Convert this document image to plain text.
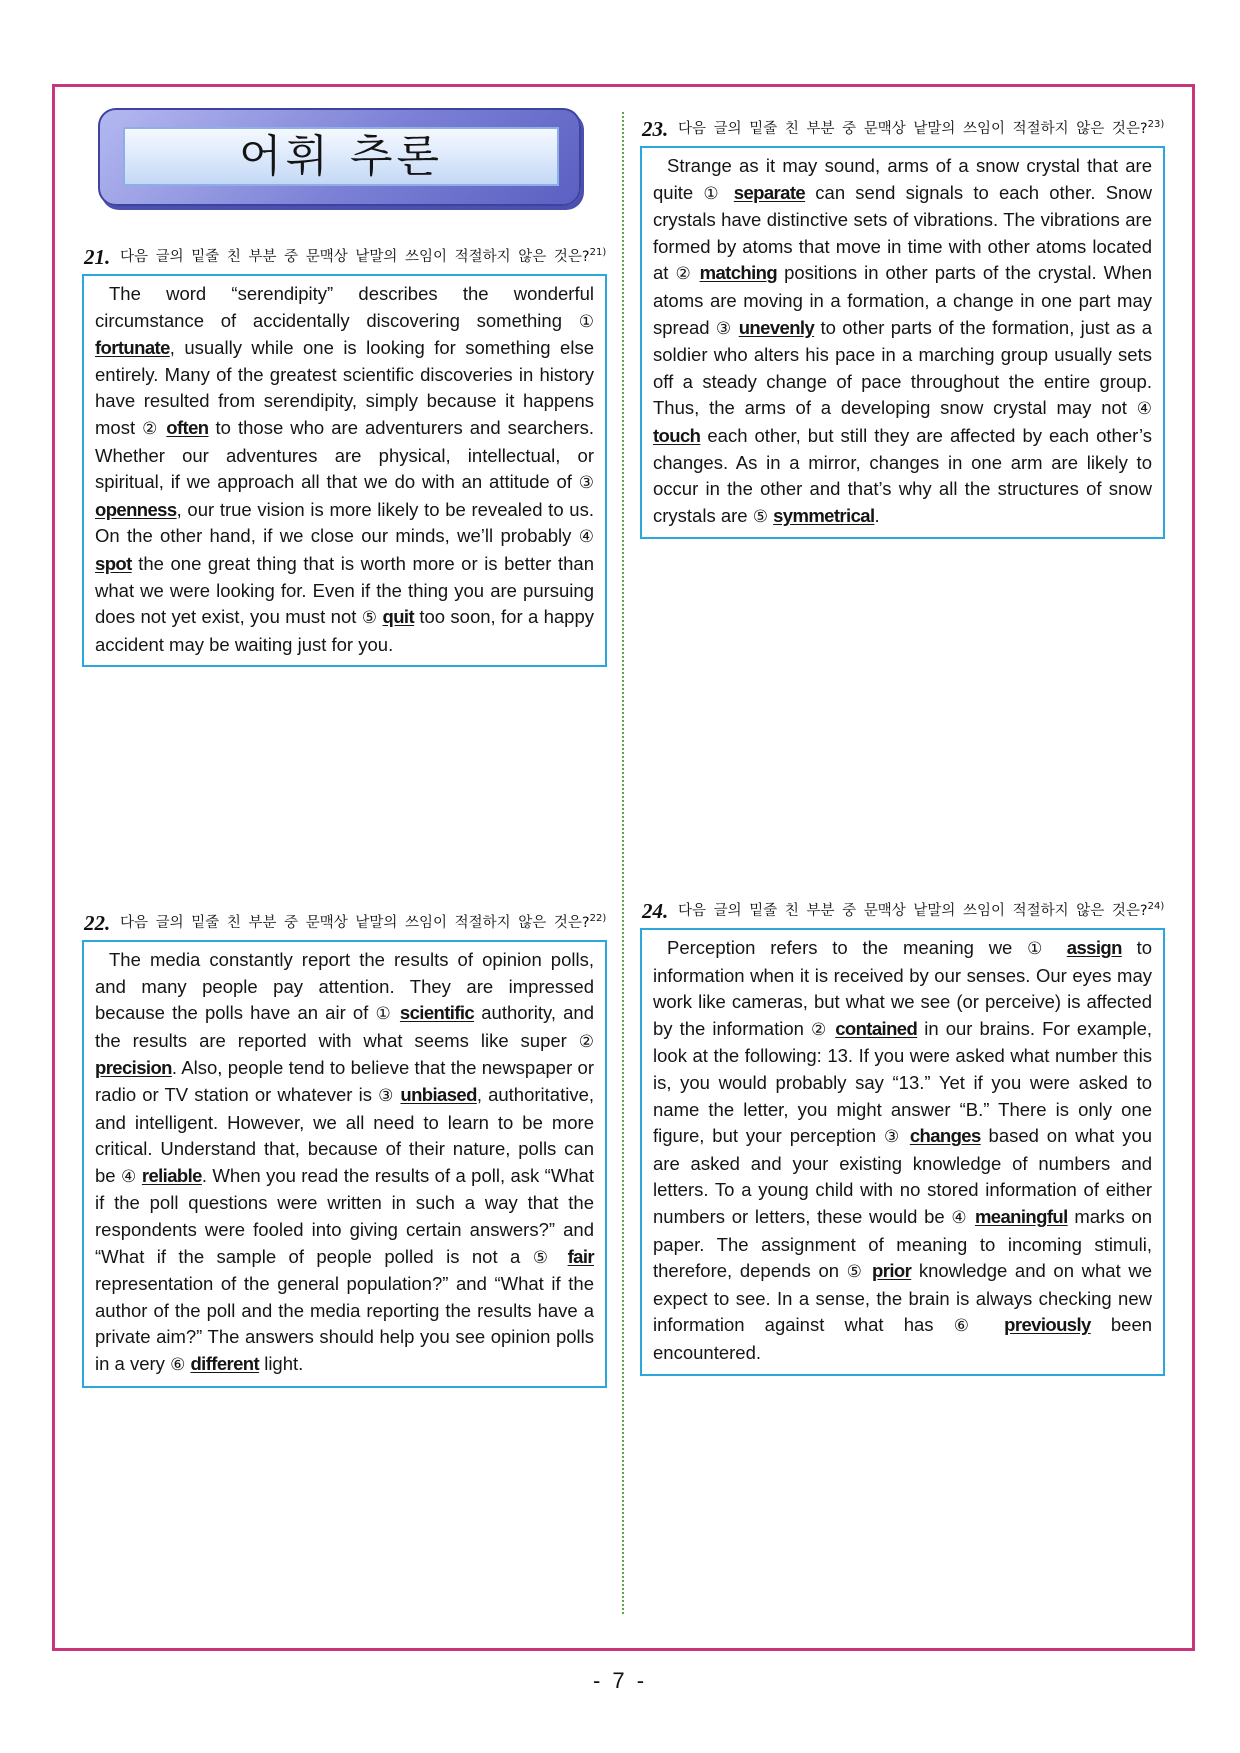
어휘 추론
21. 다음 글의 밑줄 친 부분 중 문맥상 낱말의 쓰임이 적절하지 않은 것은?$^{21)}$
The word “serendipity” describes the wonderful circumstance of accidentally discovering something ① fortunate, usually while one is looking for something else entirely. Many of the greatest scientific discoveries in history have resulted from serendipity, simply because it happens most ② often to those who are adventurers and searchers. Whether our adventures are physical, intellectual, or spiritual, if we approach all that we do with an attitude of ③ openness, our true vision is more likely to be revealed to us. On the other hand, if we close our minds, we’ll probably ④ spot the one great thing that is worth more or is better than what we were looking for. Even if the thing you are pursuing does not yet exist, you must not ⑤ quit too soon, for a happy accident may be waiting just for you.
22. 다음 글의 밑줄 친 부분 중 문맥상 낱말의 쓰임이 적절하지 않은 것은?$^{22)}$
The media constantly report the results of opinion polls, and many people pay attention. They are impressed because the polls have an air of ① scientific authority, and the results are reported with what seems like super ② precision. Also, people tend to believe that the newspaper or radio or TV station or whatever is ③ unbiased, authoritative, and intelligent. However, we all need to learn to be more critical. Understand that, because of their nature, polls can be ④ reliable. When you read the results of a poll, ask “What if the poll questions were written in such a way that the respondents were fooled into giving certain answers?” and “What if the sample of people polled is not a ⑤ fair representation of the general population?” and “What if the author of the poll and the media reporting the results have a private aim?” The answers should help you see opinion polls in a very ⑥ different light.
23. 다음 글의 밑줄 친 부분 중 문맥상 낱말의 쓰임이 적절하지 않은 것은?$^{23)}$
Strange as it may sound, arms of a snow crystal that are quite ① separate can send signals to each other. Snow crystals have distinctive sets of vibrations. The vibrations are formed by atoms that move in time with other atoms located at ② matching positions in other parts of the crystal. When atoms are moving in a formation, a change in one part may spread ③ unevenly to other parts of the formation, just as a soldier who alters his pace in a marching group usually sets off a steady change of pace throughout the entire group. Thus, the arms of a developing snow crystal may not ④ touch each other, but still they are affected by each other’s changes. As in a mirror, changes in one arm are likely to occur in the other and that’s why all the structures of snow crystals are ⑤ symmetrical.
24. 다음 글의 밑줄 친 부분 중 문맥상 낱말의 쓰임이 적절하지 않은 것은?$^{24)}$
Perception refers to the meaning we ① assign to information when it is received by our senses. Our eyes may work like cameras, but what we see (or perceive) is affected by the information ② contained in our brains. For example, look at the following: 13. If you were asked what number this is, you would probably say “13.” Yet if you were asked to name the letter, you might answer “B.” There is only one figure, but your perception ③ changes based on what you are asked and your existing knowledge of numbers and letters. To a young child with no stored information of either numbers or letters, these would be ④ meaningful marks on paper. The assignment of meaning to incoming stimuli, therefore, depends on ⑤ prior knowledge and on what we expect to see. In a sense, the brain is always checking new information against what has ⑥ previously been encountered.
- 7 -
